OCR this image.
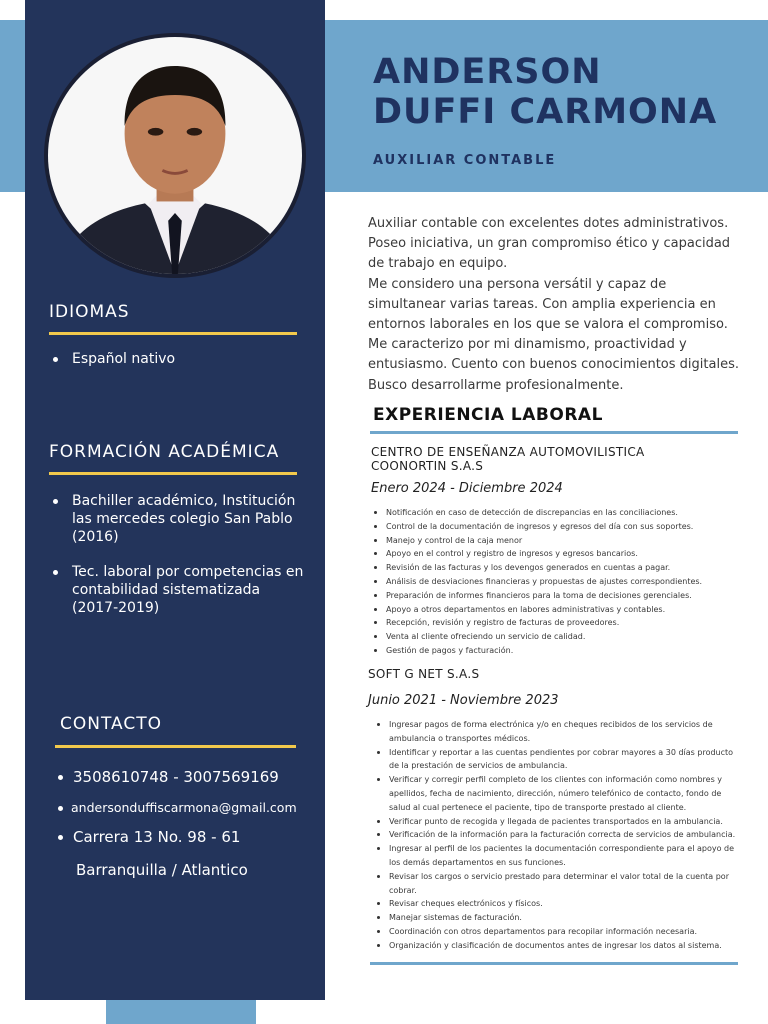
IDIOMAS
Español nativo
FORMACIÓN ACADÉMICA
Bachiller académico, Institución las mercedes colegio San Pablo (2016)
Tec. laboral por competencias en contabilidad sistematizada (2017-2019)
CONTACTO
3508610748 - 3007569169
andersonduffiscarmona@gmail.com
Carrera 13 No. 98 - 61
Barranquilla / Atlantico
ANDERSON
DUFFI CARMONA
AUXILIAR CONTABLE
Auxiliar contable con excelentes dotes administrativos. Poseo iniciativa, un gran compromiso ético y capacidad de trabajo en equipo.
Me considero una persona versátil y capaz de simultanear varias tareas. Con amplia experiencia en entornos laborales en los que se valora el compromiso. Me caracterizo por mi dinamismo, proactividad y entusiasmo. Cuento con buenos conocimientos digitales. Busco desarrollarme profesionalmente.
EXPERIENCIA LABORAL
CENTRO DE ENSEÑANZA AUTOMOVILISTICA COONORTIN S.A.S
Enero 2024 - Diciembre 2024
Notificación en caso de detección de discrepancias en las conciliaciones.
Control de la documentación de ingresos y egresos del día con sus soportes.
Manejo y control de la caja menor
Apoyo en el control y registro de ingresos y egresos bancarios.
Revisión de las facturas y los devengos generados en cuentas a pagar.
Análisis de desviaciones financieras y propuestas de ajustes correspondientes.
Preparación de informes financieros para la toma de decisiones gerenciales.
Apoyo a otros departamentos en labores administrativas y contables.
Recepción, revisión y registro de facturas de proveedores.
Venta al cliente ofreciendo un servicio de calidad.
Gestión de pagos y facturación.
SOFT G NET S.A.S
Junio 2021 - Noviembre 2023
Ingresar pagos de forma electrónica y/o en cheques recibidos de los servicios de ambulancia o transportes médicos.
Identificar y reportar a las cuentas pendientes por cobrar mayores a 30 días producto de la prestación de servicios de ambulancia.
Verificar y corregir perfil completo de los clientes con información como nombres y apellidos, fecha de nacimiento, dirección, número telefónico de contacto, fondo de salud al cual pertenece el paciente, tipo de transporte prestado al cliente.
Verificar punto de recogida y llegada de pacientes transportados en la ambulancia.
Verificación de la información para la facturación correcta de servicios de ambulancia.
Ingresar al perfil de los pacientes la documentación correspondiente para el apoyo de los demás departamentos en sus funciones.
Revisar los cargos o servicio prestado para determinar el valor total de la cuenta por cobrar.
Revisar cheques electrónicos y físicos.
Manejar sistemas de facturación.
Coordinación con otros departamentos para recopilar información necesaria.
Organización y clasificación de documentos antes de ingresar los datos al sistema.
